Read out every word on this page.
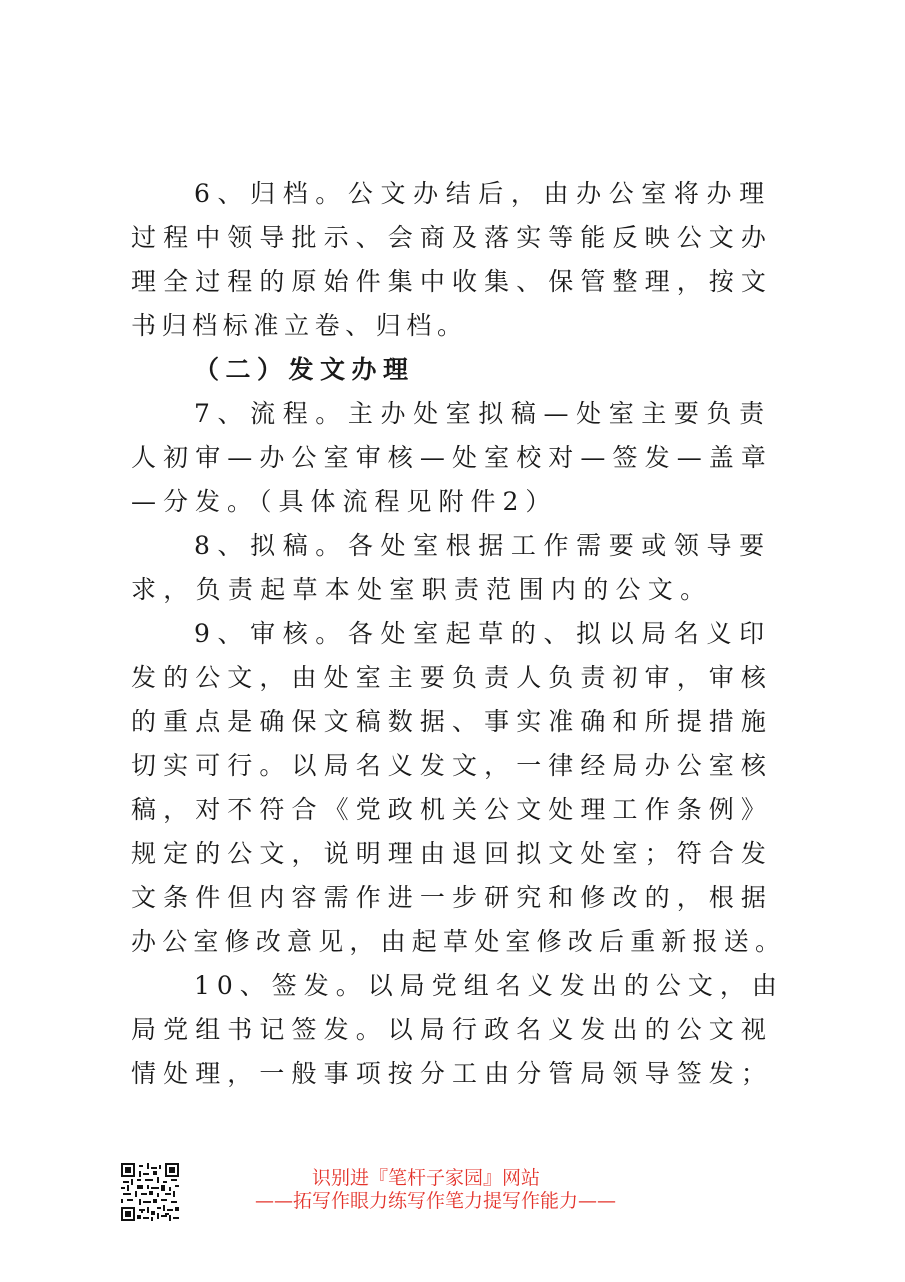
6、归档。公文办结后，由办公室将办理
过程中领导批示、会商及落实等能反映公文办
理全过程的原始件集中收集、保管整理，按文
书归档标准立卷、归档。
（二）发文办理
7、流程。主办处室拟稿—处室主要负责
人初审—办公室审核—处室校对—签发—盖章
—分发。（具体流程见附件2）
8、拟稿。各处室根据工作需要或领导要
求，负责起草本处室职责范围内的公文。
9、审核。各处室起草的、拟以局名义印
发的公文，由处室主要负责人负责初审，审核
的重点是确保文稿数据、事实准确和所提措施
切实可行。以局名义发文，一律经局办公室核
稿，对不符合《党政机关公文处理工作条例》
规定的公文，说明理由退回拟文处室；符合发
文条件但内容需作进一步研究和修改的，根据
办公室修改意见，由起草处室修改后重新报送。
10、签发。以局党组名义发出的公文，由
局党组书记签发。以局行政名义发出的公文视
情处理，一般事项按分工由分管局领导签发；
识别进『笔杆子家园』网站
——拓写作眼力练写作笔力提写作能力——
